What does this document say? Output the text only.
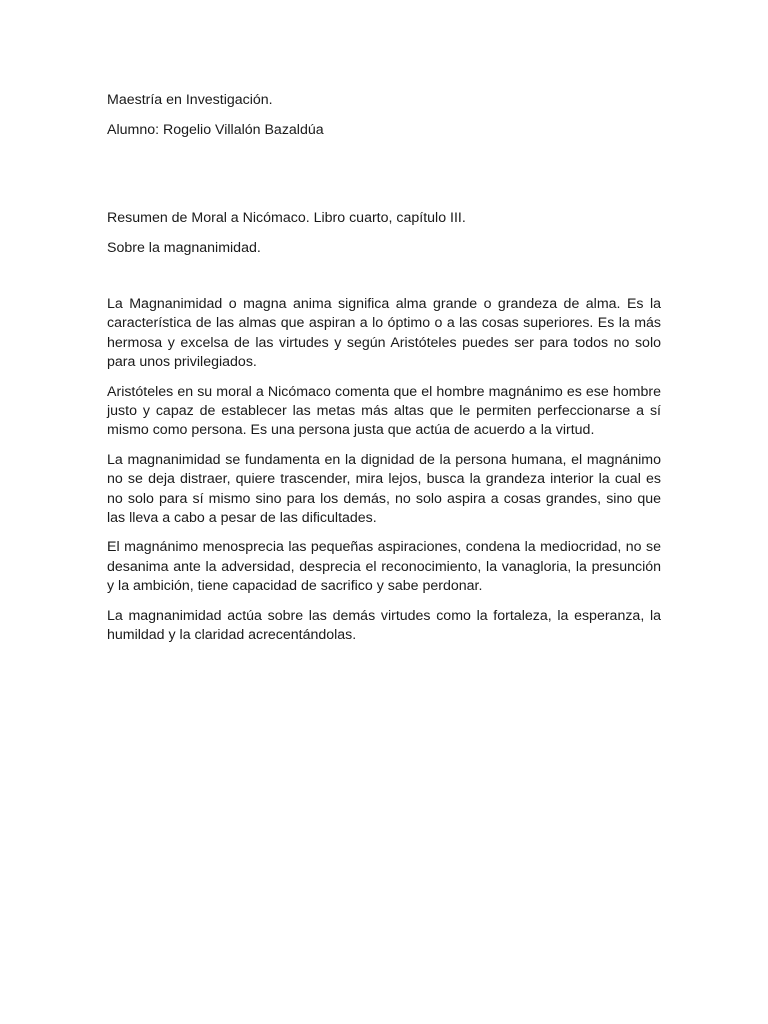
Maestría en Investigación.

Alumno: Rogelio Villalón Bazaldúa

Resumen de Moral a Nicómaco. Libro cuarto, capítulo III.

Sobre la magnanimidad.

La Magnanimidad o magna anima significa alma grande o grandeza de alma. Es la característica de las almas que aspiran a lo óptimo o a las cosas superiores. Es la más hermosa y excelsa de las virtudes y según Aristóteles puedes ser para todos no solo para unos privilegiados.

Aristóteles en su moral a Nicómaco comenta que el hombre magnánimo es ese hombre justo y capaz de establecer las metas más altas que le permiten perfeccionarse a sí mismo como persona. Es una persona justa que actúa de acuerdo a la virtud.

La magnanimidad se fundamenta en la dignidad de la persona humana, el magnánimo no se deja distraer, quiere trascender, mira lejos, busca la grandeza interior la cual es no solo para sí mismo sino para los demás, no solo aspira a cosas grandes, sino que las lleva a cabo a pesar de las dificultades.

El magnánimo menosprecia las pequeñas aspiraciones, condena la mediocridad, no se desanima ante la adversidad, desprecia el reconocimiento, la vanagloria, la presunción y la ambición, tiene capacidad de sacrifico y sabe perdonar.

La magnanimidad actúa sobre las demás virtudes como la fortaleza, la esperanza, la humildad y la claridad acrecentándolas.
